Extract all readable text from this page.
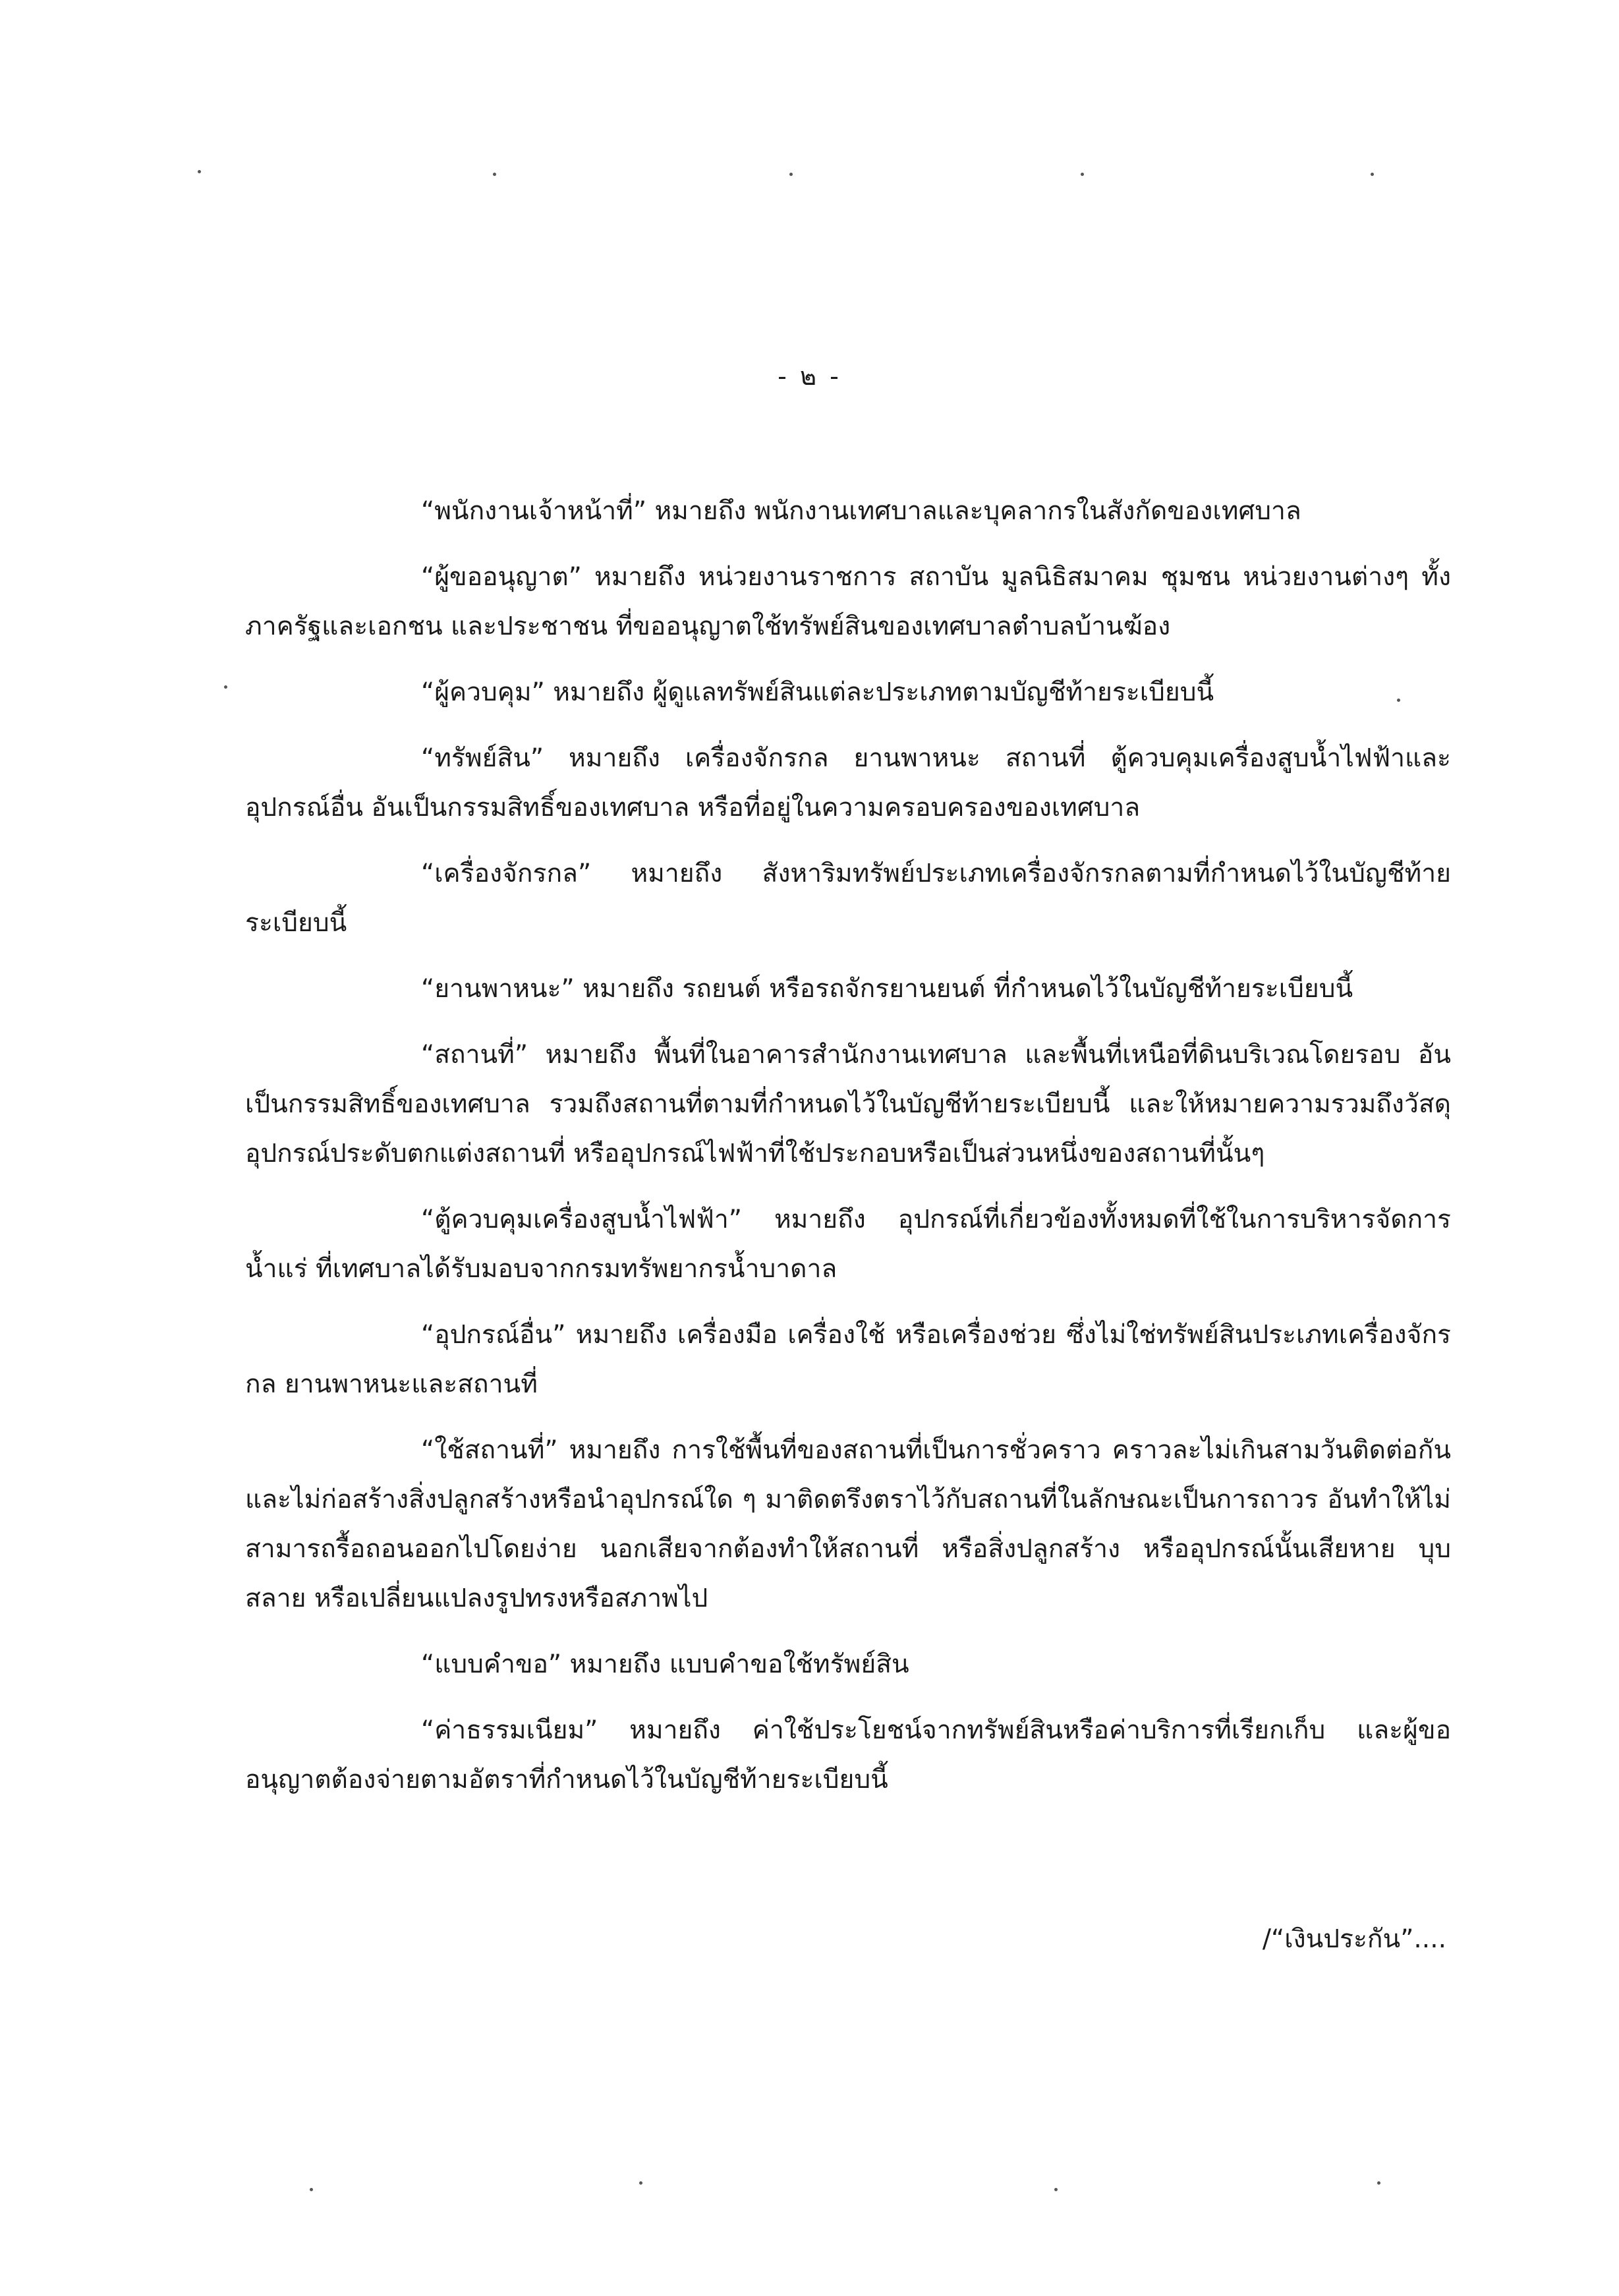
- ๒ -

“พนักงานเจ้าหน้าที่” หมายถึง พนักงานเทศบาลและบุคลากรในสังกัดของเทศบาล

“ผู้ขออนุญาต” หมายถึง หน่วยงานราชการ สถาบัน มูลนิธิสมาคม ชุมชน หน่วยงานต่างๆ ทั้งภาครัฐและเอกชน และประชาชน ที่ขออนุญาตใช้ทรัพย์สินของเทศบาลตำบลบ้านฆ้อง

“ผู้ควบคุม” หมายถึง ผู้ดูแลทรัพย์สินแต่ละประเภทตามบัญชีท้ายระเบียบนี้

“ทรัพย์สิน” หมายถึง เครื่องจักรกล ยานพาหนะ สถานที่ ตู้ควบคุมเครื่องสูบน้ำไฟฟ้าและอุปกรณ์อื่น อันเป็นกรรมสิทธิ์ของเทศบาล หรือที่อยู่ในความครอบครองของเทศบาล

“เครื่องจักรกล” หมายถึง สังหาริมทรัพย์ประเภทเครื่องจักรกลตามที่กำหนดไว้ในบัญชีท้ายระเบียบนี้

“ยานพาหนะ” หมายถึง รถยนต์ หรือรถจักรยานยนต์ ที่กำหนดไว้ในบัญชีท้ายระเบียบนี้

“สถานที่” หมายถึง พื้นที่ในอาคารสำนักงานเทศบาล และพื้นที่เหนือที่ดินบริเวณโดยรอบ อันเป็นกรรมสิทธิ์ของเทศบาล รวมถึงสถานที่ตามที่กำหนดไว้ในบัญชีท้ายระเบียบนี้ และให้หมายความรวมถึงวัสดุอุปกรณ์ประดับตกแต่งสถานที่ หรืออุปกรณ์ไฟฟ้าที่ใช้ประกอบหรือเป็นส่วนหนึ่งของสถานที่นั้นๆ

“ตู้ควบคุมเครื่องสูบน้ำไฟฟ้า” หมายถึง อุปกรณ์ที่เกี่ยวข้องทั้งหมดที่ใช้ในการบริหารจัดการน้ำแร่ ที่เทศบาลได้รับมอบจากกรมทรัพยากรน้ำบาดาล

“อุปกรณ์อื่น” หมายถึง เครื่องมือ เครื่องใช้ หรือเครื่องช่วย ซึ่งไม่ใช่ทรัพย์สินประเภทเครื่องจักรกล ยานพาหนะและสถานที่

“ใช้สถานที่” หมายถึง การใช้พื้นที่ของสถานที่เป็นการชั่วคราว คราวละไม่เกินสามวันติดต่อกัน และไม่ก่อสร้างสิ่งปลูกสร้างหรือนำอุปกรณ์ใด ๆ มาติดตรึงตราไว้กับสถานที่ในลักษณะเป็นการถาวร อันทำให้ไม่สามารถรื้อถอนออกไปโดยง่าย นอกเสียจากต้องทำให้สถานที่ หรือสิ่งปลูกสร้าง หรืออุปกรณ์นั้นเสียหาย บุบสลาย หรือเปลี่ยนแปลงรูปทรงหรือสภาพไป

“แบบคำขอ” หมายถึง แบบคำขอใช้ทรัพย์สิน

“ค่าธรรมเนียม” หมายถึง ค่าใช้ประโยชน์จากทรัพย์สินหรือค่าบริการที่เรียกเก็บ และผู้ขออนุญาตต้องจ่ายตามอัตราที่กำหนดไว้ในบัญชีท้ายระเบียบนี้

/“เงินประกัน”....
